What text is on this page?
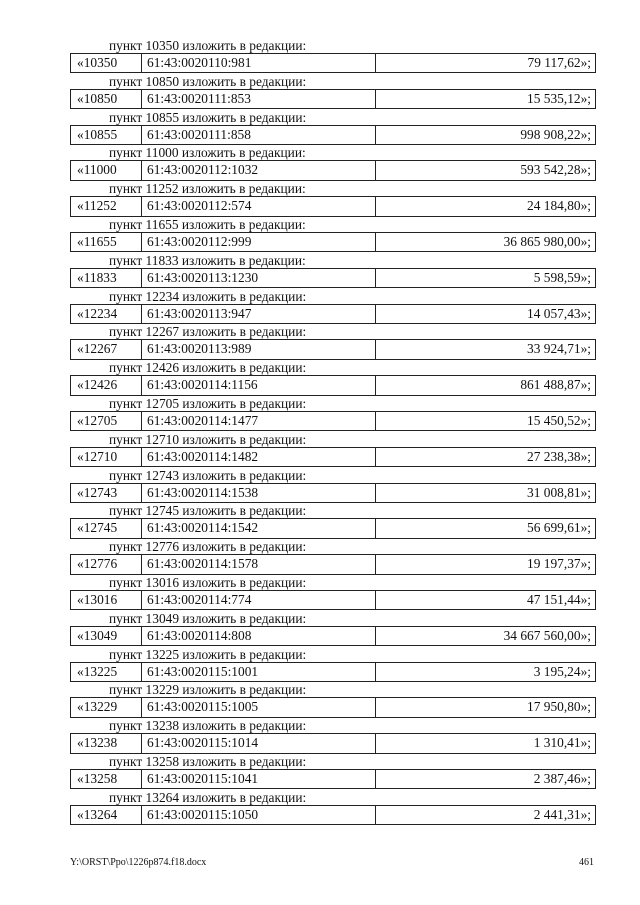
пункт 10350 изложить в редакции:
«10350	61:43:0020110:981	79 117,62»;
пункт 10850 изложить в редакции:
«10850	61:43:0020111:853	15 535,12»;
пункт 10855 изложить в редакции:
«10855	61:43:0020111:858	998 908,22»;
пункт 11000 изложить в редакции:
«11000	61:43:0020112:1032	593 542,28»;
пункт 11252 изложить в редакции:
«11252	61:43:0020112:574	24 184,80»;
пункт 11655 изложить в редакции:
«11655	61:43:0020112:999	36 865 980,00»;
пункт 11833 изложить в редакции:
«11833	61:43:0020113:1230	5 598,59»;
пункт 12234 изложить в редакции:
«12234	61:43:0020113:947	14 057,43»;
пункт 12267 изложить в редакции:
«12267	61:43:0020113:989	33 924,71»;
пункт 12426 изложить в редакции:
«12426	61:43:0020114:1156	861 488,87»;
пункт 12705 изложить в редакции:
«12705	61:43:0020114:1477	15 450,52»;
пункт 12710 изложить в редакции:
«12710	61:43:0020114:1482	27 238,38»;
пункт 12743 изложить в редакции:
«12743	61:43:0020114:1538	31 008,81»;
пункт 12745 изложить в редакции:
«12745	61:43:0020114:1542	56 699,61»;
пункт 12776 изложить в редакции:
«12776	61:43:0020114:1578	19 197,37»;
пункт 13016 изложить в редакции:
«13016	61:43:0020114:774	47 151,44»;
пункт 13049 изложить в редакции:
«13049	61:43:0020114:808	34 667 560,00»;
пункт 13225 изложить в редакции:
«13225	61:43:0020115:1001	3 195,24»;
пункт 13229 изложить в редакции:
«13229	61:43:0020115:1005	17 950,80»;
пункт 13238 изложить в редакции:
«13238	61:43:0020115:1014	1 310,41»;
пункт 13258 изложить в редакции:
«13258	61:43:0020115:1041	2 387,46»;
пункт 13264 изложить в редакции:
«13264	61:43:0020115:1050	2 441,31»;
Y:\ORST\Ppo\1226p874.f18.docx	461
